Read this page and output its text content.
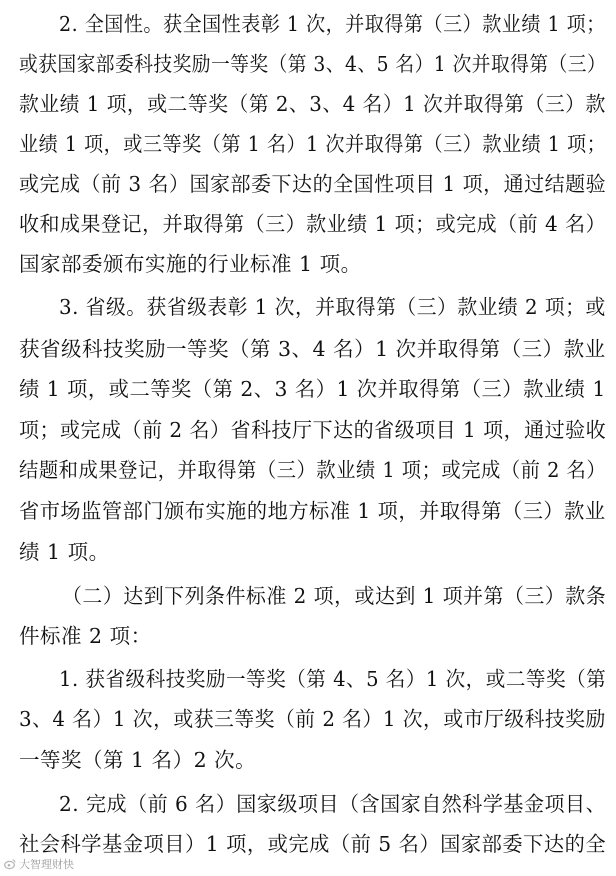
2. 全国性。获全国性表彰 1 次，并取得第（三）款业绩 1 项；
或获国家部委科技奖励一等奖（第 3、4、5 名）1 次并取得第（三）
款业绩 1 项，或二等奖（第 2、3、4 名）1 次并取得第（三）款
业绩 1 项，或三等奖（第 1 名）1 次并取得第（三）款业绩 1 项；
或完成（前 3 名）国家部委下达的全国性项目 1 项，通过结题验
收和成果登记，并取得第（三）款业绩 1 项；或完成（前 4 名）
国家部委颁布实施的行业标准 1 项。
3. 省级。获省级表彰 1 次，并取得第（三）款业绩 2 项；或
获省级科技奖励一等奖（第 3、4 名）1 次并取得第（三）款业
绩 1 项，或二等奖（第 2、3 名）1 次并取得第（三）款业绩 1
项；或完成（前 2 名）省科技厅下达的省级项目 1 项，通过验收
结题和成果登记，并取得第（三）款业绩 1 项；或完成（前 2 名）
省市场监管部门颁布实施的地方标准 1 项，并取得第（三）款业
绩 1 项。
（二）达到下列条件标准 2 项，或达到 1 项并第（三）款条
件标准 2 项：
1. 获省级科技奖励一等奖（第 4、5 名）1 次，或二等奖（第
3、4 名）1 次，或获三等奖（前 2 名）1 次，或市厅级科技奖励
一等奖（第 1 名）2 次。
2. 完成（前 6 名）国家级项目（含国家自然科学基金项目、
社会科学基金项目）1 项，或完成（前 5 名）国家部委下达的全
大智理财快
